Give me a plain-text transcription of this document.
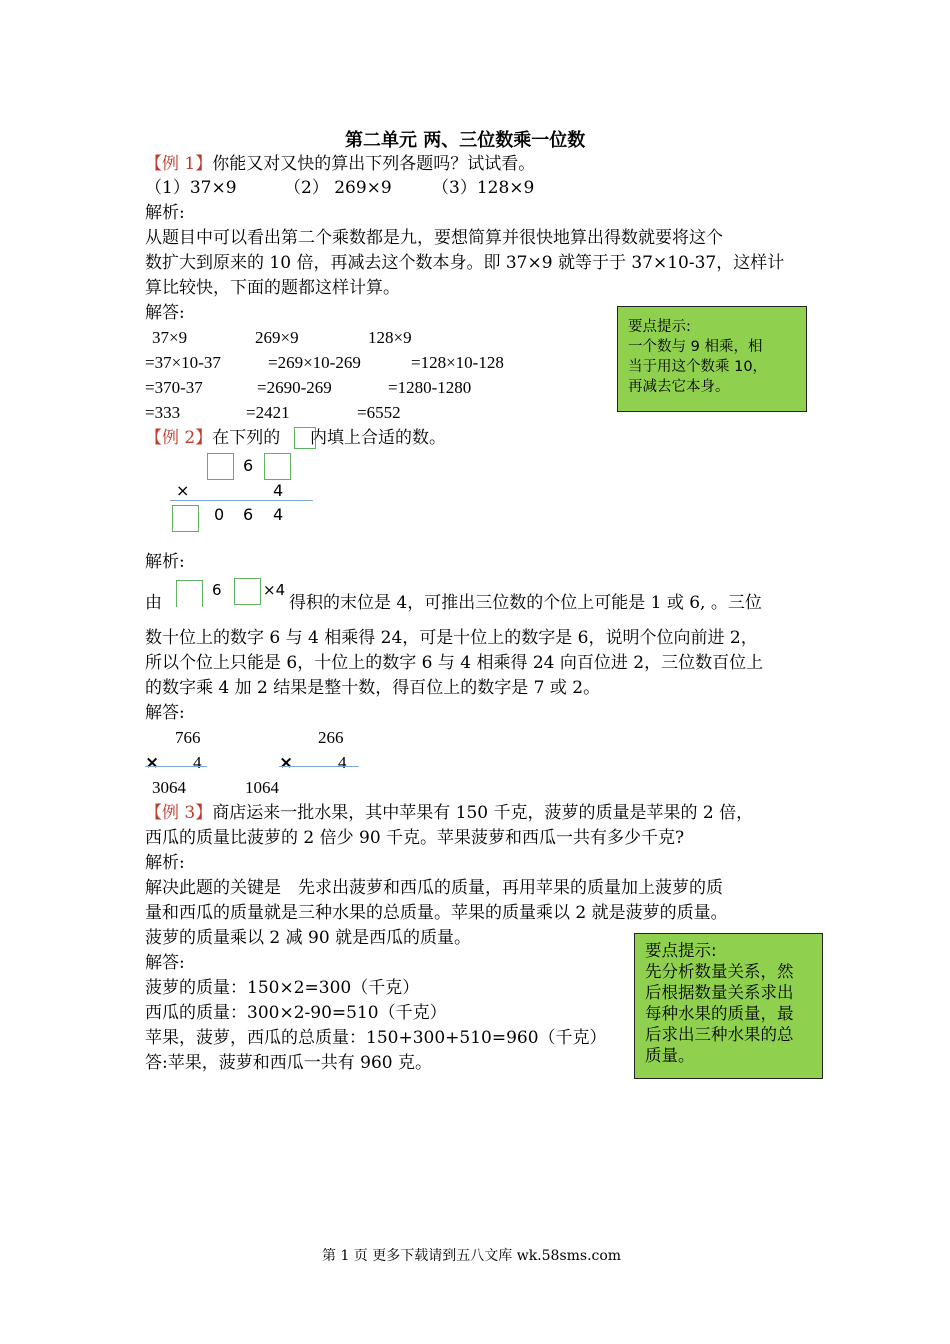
第二单元 两、三位数乘一位数
【例 1】你能又对又快的算出下列各题吗？试试看。
（1）37×9	（2） 269×9 （3）128×9
解析:
从题目中可以看出第二个乘数都是九，要想简算并很快地算出得数就要将这个
数扩大到原来的 10 倍，再减去这个数本身。即 37×9 就等于于 37×10-37，这样计
算比较快，下面的题都这样计算。
解答:
37×9	269×9	128×9
=37×10-37	=269×10-269	=128×10-128
=370-37	=2690-269	=1280-1280
=333	=2421	=6552
要点提示:
一个数与 9 相乘，相
当于用这个数乘 10，
再减去它本身。
【例 2】在下列的 内填上合适的数。
6
×	4
0 6 4
解析:
由
6	×4
得积的末位是 4，可推出三位数的个位上可能是 1 或 6, 。三位
数十位上的数字 6 与 4 相乘得 24，可是十位上的数字是 6，说明个位向前进 2，
所以个位上只能是 6，十位上的数字 6 与 4 相乘得 24 向百位进 2，三位数百位上
的数字乘 4 加 2 结果是整十数，得百位上的数字是 7 或 2。
解答:
766
× 4
3064
266
×	4
1064
【例 3】商店运来一批水果，其中苹果有 150 千克，菠萝的质量是苹果的 2 倍，
西瓜的质量比菠萝的 2 倍少 90 千克。苹果菠萝和西瓜一共有多少千克?
解析:
解决此题的关键是　先求出菠萝和西瓜的质量，再用苹果的质量加上菠萝的质
量和西瓜的质量就是三种水果的总质量。苹果的质量乘以 2 就是菠萝的质量。
菠萝的质量乘以 2 减 90 就是西瓜的质量。
解答:
菠萝的质量：150×2=300（千克）
西瓜的质量：300×2-90=510（千克）
苹果，菠萝，西瓜的总质量：150+300+510=960（千克）
答:苹果，菠萝和西瓜一共有 960 克。
要点提示:
先分析数量关系，然
后根据数量关系求出
每种水果的质量，最
后求出三种水果的总
质量。
第 1 页 更多下载请到五八文库 wk.58sms.com
